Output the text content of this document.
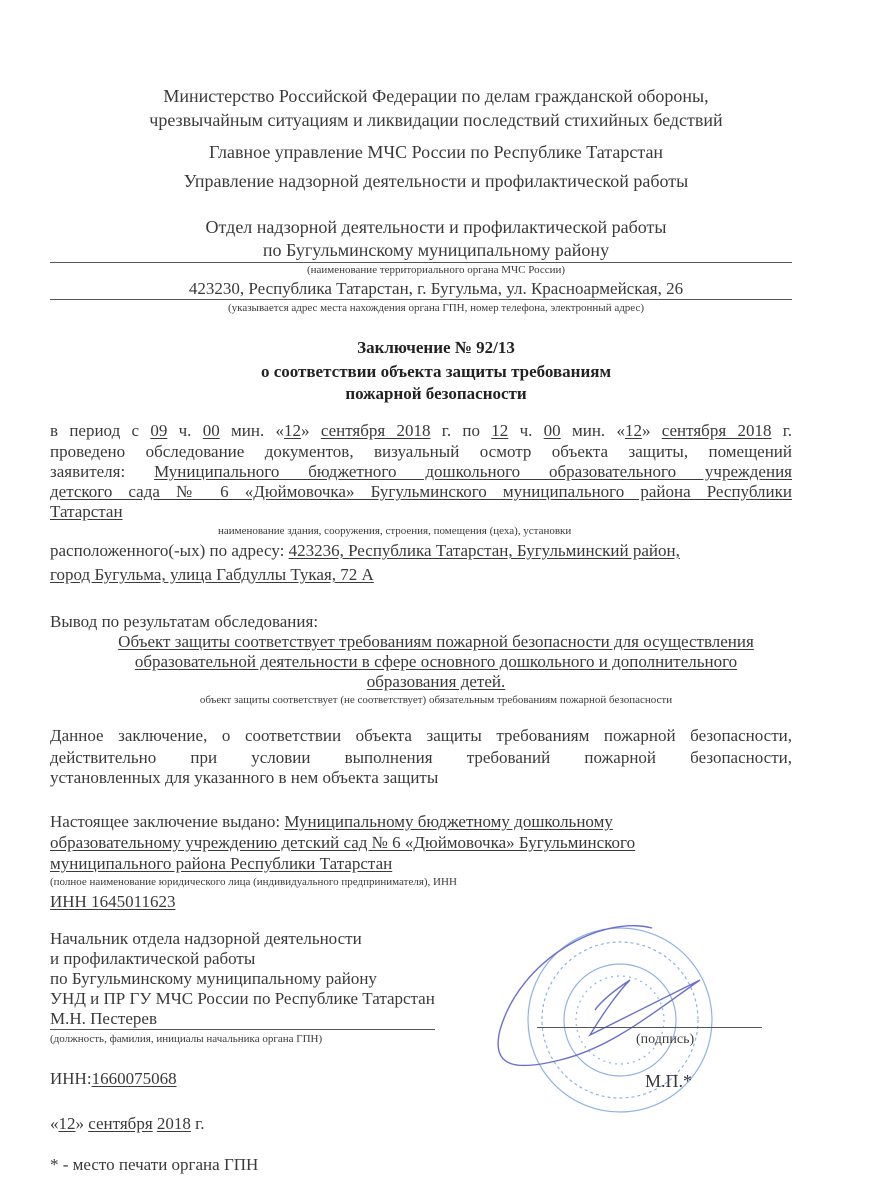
Министерство Российской Федерации по делам гражданской обороны,
чрезвычайным ситуациям и ликвидации последствий стихийных бедствий
Главное управление МЧС России по Республике Татарстан
Управление надзорной деятельности и профилактической работы
Отдел надзорной деятельности и профилактической работы
по Бугульминскому муниципальному району
(наименование территориального органа МЧС России)
423230, Республика Татарстан, г. Бугульма, ул. Красноармейская, 26
(указывается адрес места нахождения органа ГПН, номер телефона, электронный адрес)
Заключение № 92/13
о соответствии объекта защиты требованиям
пожарной безопасности
в период с 09 ч. 00 мин. «12» сентября 2018 г. по 12 ч. 00 мин. «12» сентября 2018 г.
проведено обследование документов, визуальный осмотр объекта защиты, помещений
заявителя: Муниципального бюджетного дошкольного образовательного учреждения
детского сада № 6 «Дюймовочка» Бугульминского муниципального района Республики
Татарстан
наименование здания, сооружения, строения, помещения (цеха), установки
расположенного(-ых) по адресу: 423236, Республика Татарстан, Бугульминский район,
город Бугульма, улица Габдуллы Тукая, 72 А
Вывод по результатам обследования:
Объект защиты соответствует требованиям пожарной безопасности для осуществления
образовательной деятельности в сфере основного дошкольного и дополнительного
образования детей.
объект защиты соответствует (не соответствует) обязательным требованиям пожарной безопасности
Данное заключение, о соответствии объекта защиты требованиям пожарной безопасности,
действительно при условии выполнения требований пожарной безопасности,
установленных для указанного в нем объекта защиты
Настоящее заключение выдано: Муниципальному бюджетному дошкольному
образовательному учреждению детский сад № 6 «Дюймовочка» Бугульминского
муниципального района Республики Татарстан
(полное наименование юридического лица (индивидуального предпринимателя), ИНН
ИНН 1645011623
Начальник отдела надзорной деятельности
и профилактической работы
по Бугульминскому муниципальному району
УНД и ПР ГУ МЧС России по Республике Татарстан
М.Н. Пестерев
(должность, фамилия, инициалы начальника органа ГПН)	(подпись)
ИНН:1660075068	М.П.*
«12» сентября 2018 г.
* - место печати органа ГПН
